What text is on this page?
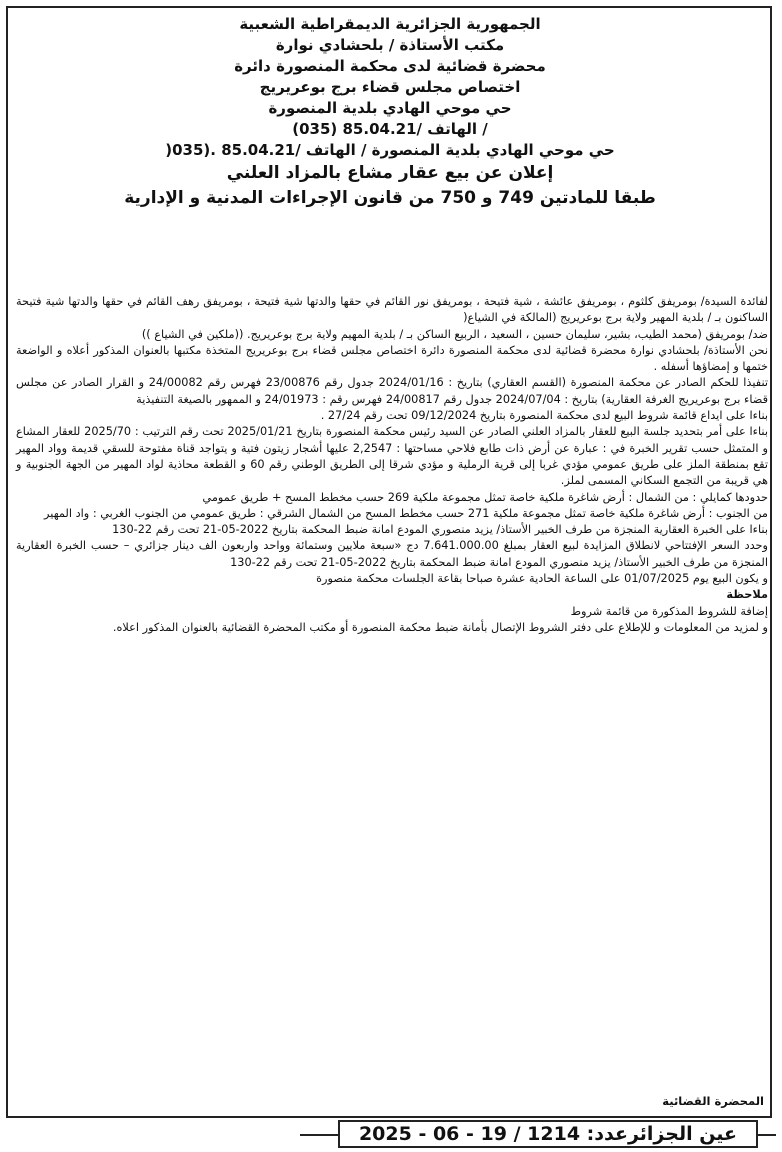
الجمهورية الجزائرية الديمقراطية الشعبية
مكتب الأستاذة / بلحشادي نوارة
محضرة قضائية لدى محكمة المنصورة دائرة
اختصاص مجلس قضاء برج بوعريريج
حي موحي الهادي بلدية المنصورة
/ الهاتف /85.04.21 (035)
حي موحي الهادي بلدية المنصورة / الهاتف /85.04.21 .(035(
إعلان عن بيع عقار مشاع بالمزاد العلني
طبقا للمادتين 749 و 750 من قانون الإجراءات المدنية و الإدارية

لفائدة السيدة/ بومريفق كلثوم ، بومريفق عائشة ، شية فتيحة ، بومريفق نور القائم في حقها والدتها شية فتيحة ، بومريفق رهف القائم في حقها والدتها شية فتيحة الساكنون بـ / بلدية المهير ولاية برج بوعريريج (المالكة في الشياع(

ضد/ بومريفق (محمد الطيب، بشير، سليمان حسين ، السعيد ، الربيع الساكن بـ / بلدية المهيم ولاية برج بوعريريج. ((ملكين في الشياع ))

نحن الأستاذة/ بلحشادي نوارة محضرة قضائية لدى محكمة المنصورة دائرة اختصاص مجلس قضاء برج بوعريريج المتخذة مكتبها بالعنوان المذكور أعلاه و الواضعة ختمها و إمضاؤها أسفله .

تنفيذا للحكم الصادر عن محكمة المنصورة (القسم العقاري) بتاريخ : 2024/01/16 جدول رقم 23/00876 فهرس رقم 24/00082 و القرار الصادر عن مجلس قضاء برج بوعريريج الغرفة العقارية) بتاريخ : 2024/07/04 جدول رقم 24/00817 فهرس رقم : 24/01973 و الممهور بالصيغة التنفيذية

بناءا على ايداع قائمة شروط البيع لدى محكمة المنصورة بتاريخ 09/12/2024 تحت رقم 27/24 .

بناءا على أمر بتحديد جلسة البيع للعقار بالمزاد العلني الصادر عن السيد رئيس محكمة المنصورة بتاريخ 2025/01/21 تحت رقم الترتيب : 2025/70 للعقار المشاع و المتمثل حسب تقرير الخبرة في : عبارة عن أرض ذات طابع فلاحي مساحتها : 2,2547 عليها أشجار زيتون فتية و يتواجد قناة مفتوحة للسقي قديمة وواد المهير تقع بمنطقة الملز على طريق عمومي مؤدي غربا إلى قرية الرملية و مؤدي شرقا إلى الطريق الوطني رقم 60 و القطعة محاذية لواد المهير من الجهة الجنوبية و هي قريبة من التجمع السكاني المسمى لملز.

حدودها كمايلي : من الشمال : أرض شاغرة ملكية خاصة تمثل مجموعة ملكية 269 حسب مخطط المسح + طريق عمومي

من الجنوب : أرض شاغرة ملكية خاصة تمثل مجموعة ملكية 271 حسب مخطط المسح من الشمال الشرقي : طريق عمومي من الجنوب الغربي : واد المهير

بناءا على الخبرة العقارية المنجزة من طرف الخبير الأستاذ/ يزيد منصوري المودع امانة ضبط المحكمة بتاريخ 2022-05-21 تحت رقم 22-130

وحدد السعر الإفتتاحي لانطلاق المزايدة لبيع العقار بمبلغ 7.641.000.00 دج «سبعة ملايين وستمائة وواحد واربعون الف دينار جزائري – حسب الخبرة العقارية المنجزة من طرف الخبير الأستاذ/ يزيد منصوري المودع امانة ضبط المحكمة بتاريخ 2022-05-21 تحت رقم 22-130

و يكون البيع يوم 01/07/2025 على الساعة الحادية عشرة صباحا بقاعة الجلسات محكمة منصورة

ملاحظة

إضافة للشروط المذكورة من قائمة شروط

و لمزيد من المعلومات و للإطلاع على دفتر الشروط الإتصال بأمانة ضبط محكمة المنصورة أو مكتب المحضرة القضائية بالعنوان المذكور اعلاه.

المحضرة القضائية
عين الجزائرعدد: 1214 / 19 - 06 - 2025
